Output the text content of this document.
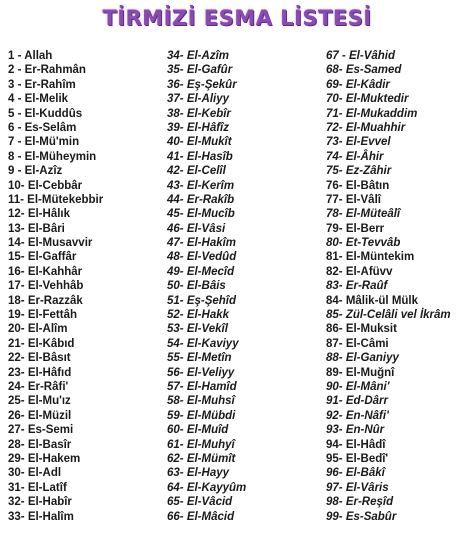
TİRMİZİ ESMA LİSTESİ
1 - Allah
2 - Er-Rahmân
3 - Er-Rahîm
4 - El-Melik
5 - El-Kuddûs
6 - Es-Selâm
7 - El-Mü'min
8 - El-Müheymin
9 - El-Azîz
10- El-Cebbâr
11- El-Mütekebbir
12- El-Hâlık
13- El-Bâri
14- El-Musavvir
15- El-Gaffâr
16- El-Kahhâr
17- El-Vehhâb
18- Er-Razzâk
19- El-Fettâh
20- El-Alîm
21- El-Kâbıd
22- El-Bâsıt
23- El-Hâfıd
24- Er-Râfi'
25- El-Mu'ız
26- El-Müzil
27- Es-Semi
28- El-Basîr
29- El-Hakem
30- El-Adl
31- El-Latîf
32- El-Habîr
33- El-Halîm
34- El-Azîm
35- El-Gafûr
36- Eş-Şekûr
37- El-Aliyy
38- El-Kebîr
39- El-Hâfîz
40- El-Mukît
41- El-Hasîb
42- El-Celîl
43- El-Kerîm
44- Er-Rakîb
45- El-Mucîb
46- El-Vâsi
47- El-Hakîm
48- El-Vedûd
49- El-Mecîd
50- El-Bâis
51- Eş-Şehîd
52- El-Hakk
53- El-Vekîl
54- El-Kaviyy
55- El-Metîn
56- El-Veliyy
57- El-Hamîd
58- El-Muhsî
59- El-Mübdi
60- El-Muîd
61- El-Muhyî
62- El-Mümît
63- El-Hayy
64- El-Kayyûm
65- El-Vâcid
66- El-Mâcid
67 - El-Vâhid
68- Es-Samed
69- El-Kâdir
70- El-Muktedir
71- El-Mukaddim
72- El-Muahhir
73- El-Evvel
74- El-Âhir
75- Ez-Zâhir
76- El-Bâtın
77- El-Vâlî
78- El-Müteâlî
79- El-Berr
80- Et-Tevvâb
81- El-Müntekim
82- El-Afüvv
83- Er-Raûf
84- Mâlik-ül Mülk
85- Zül-Celâli vel İkrâm
86- El-Muksit
87- El-Câmi
88- El-Ganiyy
89- El-Muğnî
90- El-Mâni'
91- Ed-Dârr
92- En-Nâfi'
93- En-Nûr
94- El-Hâdî
95- El-Bedî'
96- El-Bâkî
97- El-Vâris
98- Er-Reşîd
99- Es-Sabûr
